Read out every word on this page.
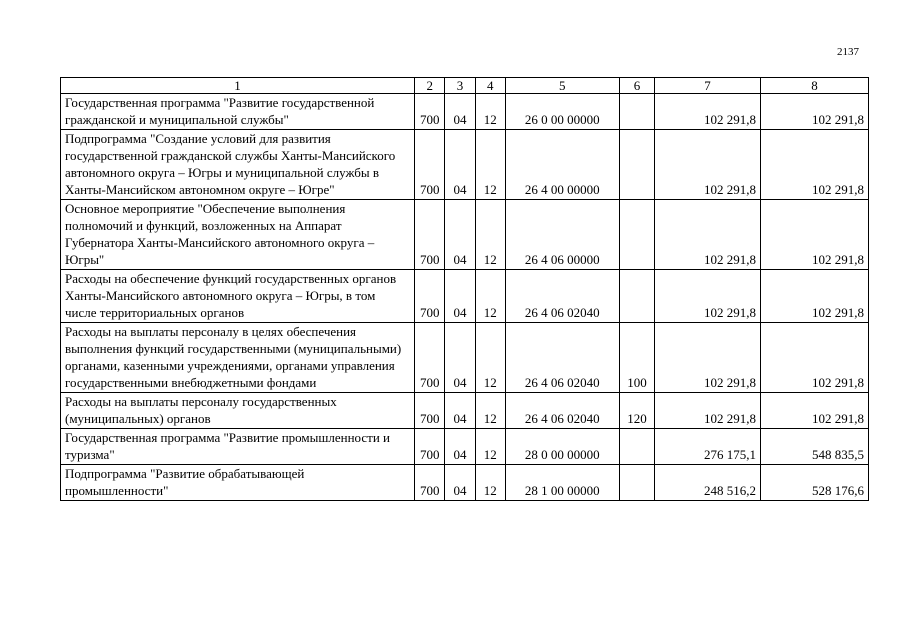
2137
1	2	3	4	5	6	7	8
Государственная программа "Развитие государственной гражданской и муниципальной службы"	700	04	12	26 0 00 00000		102 291,8	102 291,8
Подпрограмма "Создание условий для развития государственной гражданской службы Ханты-Мансийского автономного округа – Югры и муниципальной службы в Ханты-Мансийском автономном округе – Югре"	700	04	12	26 4 00 00000		102 291,8	102 291,8
Основное мероприятие "Обеспечение выполнения полномочий и функций, возложенных на Аппарат Губернатора Ханты-Мансийского автономного округа – Югры"	700	04	12	26 4 06 00000		102 291,8	102 291,8
Расходы на обеспечение функций государственных органов Ханты-Мансийского автономного округа – Югры, в том числе территориальных органов	700	04	12	26 4 06 02040		102 291,8	102 291,8
Расходы на выплаты персоналу в целях обеспечения выполнения функций государственными (муниципальными) органами, казенными учреждениями, органами управления государственными внебюджетными фондами	700	04	12	26 4 06 02040	100	102 291,8	102 291,8
Расходы на выплаты персоналу государственных (муниципальных) органов	700	04	12	26 4 06 02040	120	102 291,8	102 291,8
Государственная программа "Развитие промышленности и туризма"	700	04	12	28 0 00 00000		276 175,1	548 835,5
Подпрограмма "Развитие обрабатывающей промышленности"	700	04	12	28 1 00 00000		248 516,2	528 176,6
